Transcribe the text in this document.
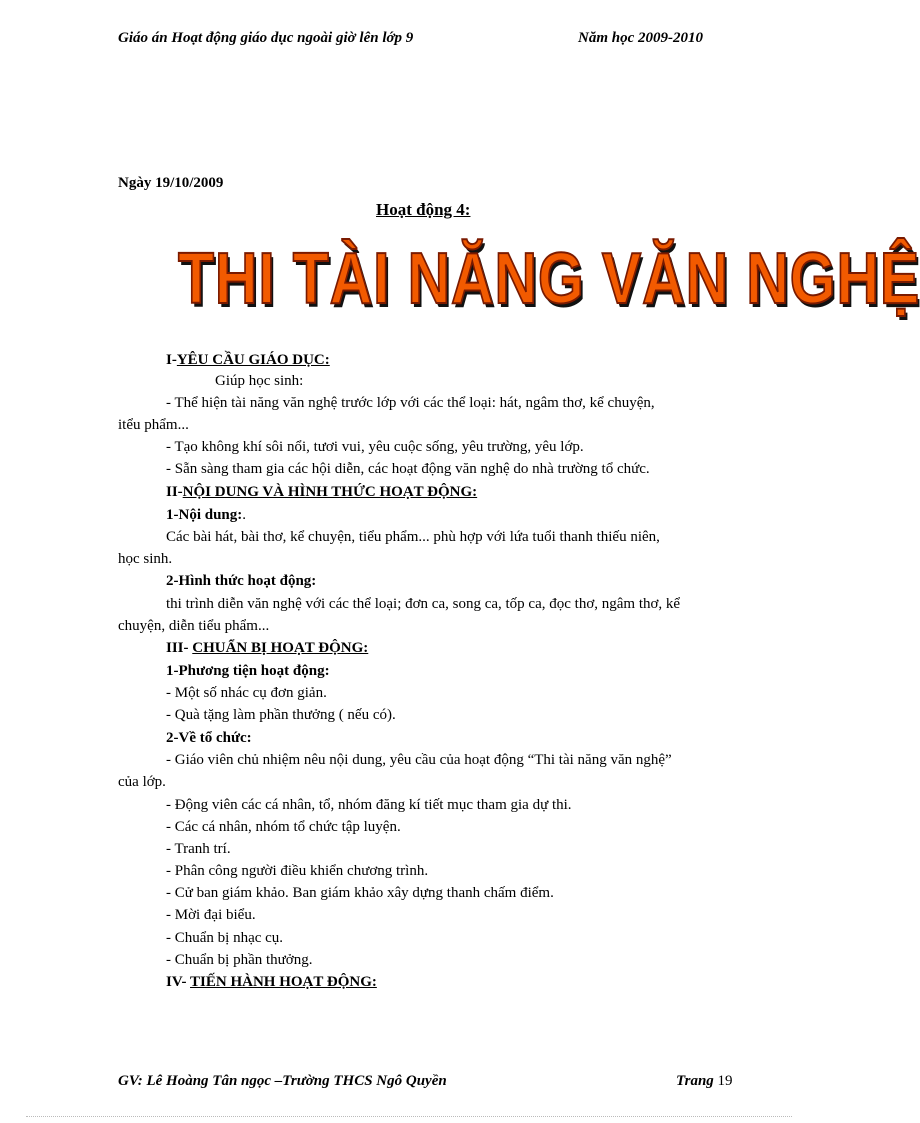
Giáo án Hoạt động giáo dục ngoài giờ lên lớp 9	Năm học 2009-2010
Ngày 19/10/2009
Hoạt động 4:
THI TÀI NĂNG VĂN NGHỆ
I-YÊU CẦU GIÁO DỤC:
Giúp học sinh:
- Thể hiện tài năng văn nghệ trước lớp với các thể loại: hát, ngâm thơ, kể chuyện,
itểu phẩm...
- Tạo không khí sôi nổi, tươi vui, yêu cuộc sống, yêu trường, yêu lớp.
- Sẵn sàng tham gia các hội diễn, các hoạt động văn nghệ do nhà trường tổ chức.
II-NỘI DUNG VÀ HÌNH THỨC HOẠT ĐỘNG:
1-Nội dung:.
Các bài hát, bài thơ, kể chuyện, tiểu phẩm... phù hợp với lứa tuổi thanh thiếu niên,
học sinh.
2-Hình thức hoạt động:
thi trình diễn văn nghệ với các thể loại; đơn ca, song ca, tốp ca, đọc thơ, ngâm thơ, kể
chuyện, diễn tiểu phẩm...
III- CHUẨN BỊ HOẠT ĐỘNG:
1-Phương tiện hoạt động:
- Một số nhác cụ đơn giản.
- Quà tặng làm phần thưởng ( nếu có).
2-Về tổ chức:
- Giáo viên chủ nhiệm nêu nội dung, yêu cầu của hoạt động “Thi tài năng văn nghệ”
của lớp.
- Động viên các cá nhân, tổ, nhóm đăng kí tiết mục tham gia dự thi.
- Các cá nhân, nhóm tổ chức tập luyện.
- Tranh trí.
- Phân công người điều khiển chương trình.
- Cử ban giám khảo. Ban giám khảo xây dựng thanh chấm điểm.
- Mời đại biểu.
- Chuẩn bị nhạc cụ.
- Chuẩn bị phần thưởng.
IV- TIẾN HÀNH HOẠT ĐỘNG:
GV: Lê Hoàng Tân ngọc –Trường THCS Ngô Quyền	Trang 19
